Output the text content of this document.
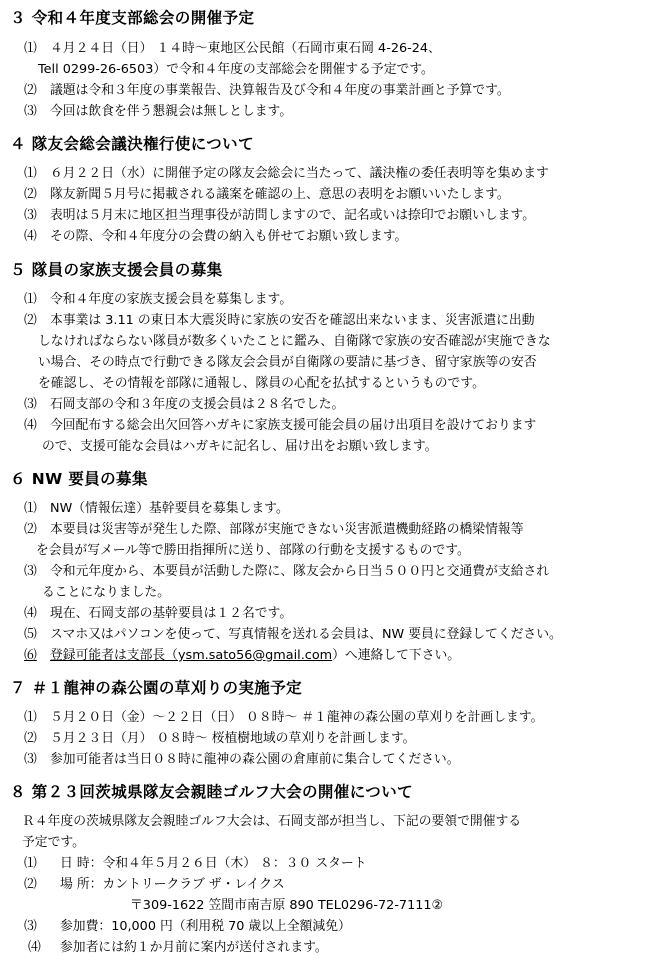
３ 令和４年度支部総会の開催予定
⑴ ４月２４日（日） １４時～東地区公民館（石岡市東石岡 4-26-24、
Tell 0299-26-6503）で令和４年度の支部総会を開催する予定です。
⑵ 議題は令和３年度の事業報告、決算報告及び令和４年度の事業計画と予算です。
⑶ 今回は飲食を伴う懇親会は無しとします。
４ 隊友会総会議決権行使について
⑴ ６月２２日（水）に開催予定の隊友会総会に当たって、議決権の委任表明等を集めます
⑵ 隊友新聞５月号に掲載される議案を確認の上、意思の表明をお願いいたします。
⑶ 表明は５月末に地区担当理事役が訪問しますので、記名或いは捺印でお願いします。
⑷ その際、令和４年度分の会費の納入も併せてお願い致します。
５ 隊員の家族支援会員の募集
⑴ 令和４年度の家族支援会員を募集します。
⑵ 本事業は 3.11 の東日本大震災時に家族の安否を確認出来ないまま、災害派遣に出動
しなければならない隊員が数多くいたことに鑑み、自衛隊で家族の安否確認が実施できな
い場合、その時点で行動できる隊友会会員が自衛隊の要請に基づき、留守家族等の安否
を確認し、その情報を部隊に通報し、隊員の心配を払拭するというものです。
⑶ 石岡支部の令和３年度の支援会員は２８名でした。
⑷ 今回配布する総会出欠回答ハガキに家族支援可能会員の届け出項目を設けております
ので、支援可能な会員はハガキに記名し、届け出をお願い致します。
６ NW 要員の募集
⑴ NW（情報伝達）基幹要員を募集します。
⑵ 本要員は災害等が発生した際、部隊が実施できない災害派遣機動経路の橋梁情報等
を会員が写メール等で勝田指揮所に送り、部隊の行動を支援するものです。
⑶ 令和元年度から、本要員が活動した際に、隊友会から日当５００円と交通費が支給され
ることになりました。
⑷ 現在、石岡支部の基幹要員は１２名です。
⑸ スマホ又はパソコンを使って、写真情報を送れる会員は、NW 要員に登録してください。
⑹ 登録可能者は支部長（ysm.sato56@gmail.com）へ連絡して下さい。
７ ＃１龍神の森公園の草刈りの実施予定
⑴ ５月２０日（金）～２２日（日） ０８時～ ＃１龍神の森公園の草刈りを計画します。
⑵ ５月２３日（月） ０８時～ 桜植樹地域の草刈りを計画します。
⑶ 参加可能者は当日０８時に龍神の森公園の倉庫前に集合してください。
８ 第２３回茨城県隊友会親睦ゴルフ大会の開催について
Ｒ４年度の茨城県隊友会親睦ゴルフ大会は、石岡支部が担当し、下記の要領で開催する
予定です。
⑴ 日 時：令和４年５月２６日（木） ８：３０ スタート
⑵ 場 所：カントリークラブ ザ・レイクス
〒309-1622 笠間市南吉原 890 TEL0296-72-7111②
⑶ 参加費：10,000 円（利用税 70 歳以上全額減免）
⑷ 参加者には約１か月前に案内が送付されます。
